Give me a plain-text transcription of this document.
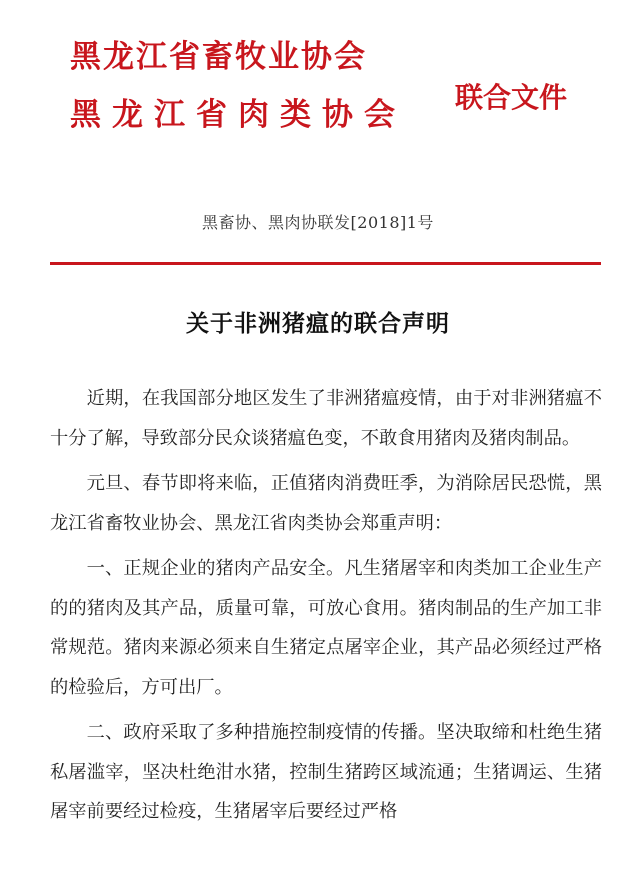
黑龙江省畜牧业协会
黑龙江省肉类协会 联合文件
黑畜协、黑肉协联发[2018]1号
关于非洲猪瘟的联合声明

近期，在我国部分地区发生了非洲猪瘟疫情，由于对非洲猪瘟不十分了解，导致部分民众谈猪瘟色变，不敢食用猪肉及猪肉制品。

元旦、春节即将来临，正值猪肉消费旺季，为消除居民恐慌，黑龙江省畜牧业协会、黑龙江省肉类协会郑重声明：

一、正规企业的猪肉产品安全。凡生猪屠宰和肉类加工企业生产的的猪肉及其产品，质量可靠，可放心食用。猪肉制品的生产加工非常规范。猪肉来源必须来自生猪定点屠宰企业，其产品必须经过严格的检验后，方可出厂。

二、政府采取了多种措施控制疫情的传播。坚决取缔和杜绝生猪私屠滥宰，坚决杜绝泔水猪，控制生猪跨区域流通；生猪调运、生猪屠宰前要经过检疫，生猪屠宰后要经过严格
